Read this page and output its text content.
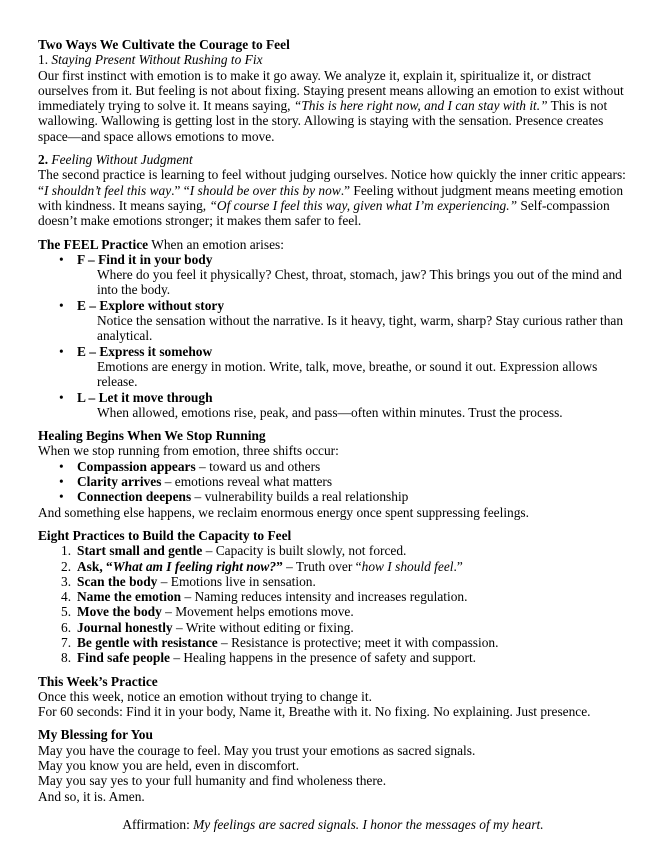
Two Ways We Cultivate the Courage to Feel

1. Staying Present Without Rushing to Fix

Our first instinct with emotion is to make it go away. We analyze it, explain it, spiritualize it, or distract ourselves from it. But feeling is not about fixing. Staying present means allowing an emotion to exist without immediately trying to solve it. It means saying, “This is here right now, and I can stay with it.” This is not wallowing. Wallowing is getting lost in the story. Allowing is staying with the sensation. Presence creates space—and space allows emotions to move.

2. Feeling Without Judgment

The second practice is learning to feel without judging ourselves. Notice how quickly the inner critic appears: “I shouldn’t feel this way.” “I should be over this by now.” Feeling without judgment means meeting emotion with kindness. It means saying, “Of course I feel this way, given what I’m experiencing.” Self-compassion doesn’t make emotions stronger; it makes them safer to feel.

The FEEL Practice When an emotion arises:

• F – Find it in your body
Where do you feel it physically? Chest, throat, stomach, jaw? This brings you out of the mind and into the body.
• E – Explore without story
Notice the sensation without the narrative. Is it heavy, tight, warm, sharp? Stay curious rather than analytical.
• E – Express it somehow
Emotions are energy in motion. Write, talk, move, breathe, or sound it out. Expression allows release.
• L – Let it move through
When allowed, emotions rise, peak, and pass—often within minutes. Trust the process.

Healing Begins When We Stop Running

When we stop running from emotion, three shifts occur:

• Compassion appears – toward us and others
• Clarity arrives – emotions reveal what matters
• Connection deepens – vulnerability builds a real relationship

And something else happens, we reclaim enormous energy once spent suppressing feelings.

Eight Practices to Build the Capacity to Feel

1. Start small and gentle – Capacity is built slowly, not forced.
2. Ask, “What am I feeling right now?” – Truth over “how I should feel.”
3. Scan the body – Emotions live in sensation.
4. Name the emotion – Naming reduces intensity and increases regulation.
5. Move the body – Movement helps emotions move.
6. Journal honestly – Write without editing or fixing.
7. Be gentle with resistance – Resistance is protective; meet it with compassion.
8. Find safe people – Healing happens in the presence of safety and support.

This Week’s Practice

Once this week, notice an emotion without trying to change it.

For 60 seconds: Find it in your body, Name it, Breathe with it. No fixing. No explaining. Just presence.

My Blessing for You

May you have the courage to feel. May you trust your emotions as sacred signals.

May you know you are held, even in discomfort.

May you say yes to your full humanity and find wholeness there.

And so, it is. Amen.

Affirmation: My feelings are sacred signals. I honor the messages of my heart.
